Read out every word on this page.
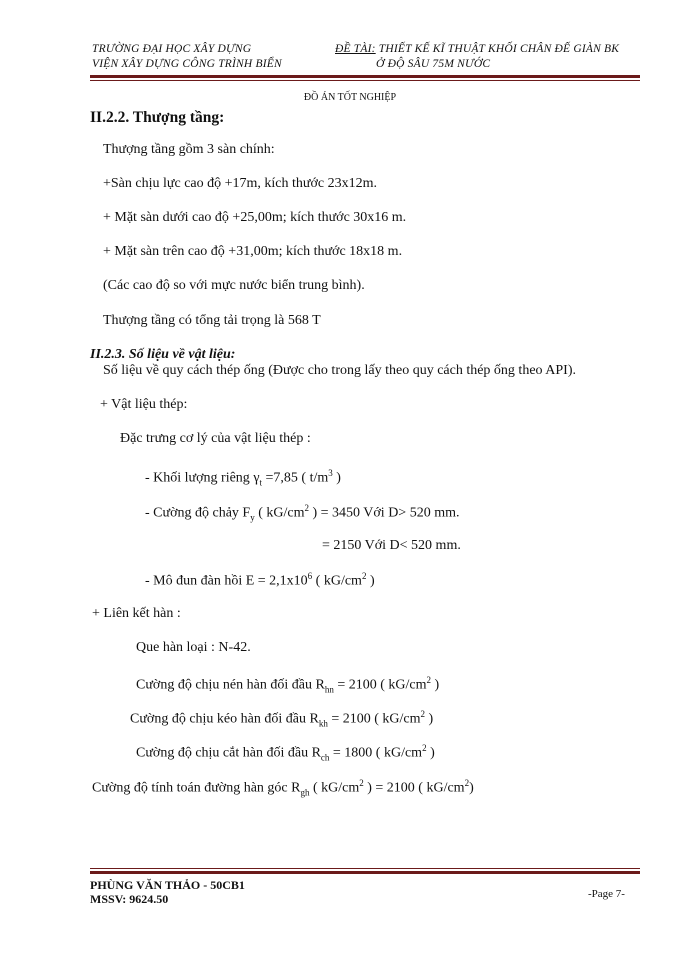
TRƯỜNG ĐẠI HỌC XÂY DỰNG
VIỆN XÂY DỰNG CÔNG TRÌNH BIỂN
ĐỀ TÀI: THIẾT KẾ KĨ THUẬT KHỐI CHÂN ĐẾ GIÀN BK
Ở ĐỘ SÂU 75M NƯỚC
ĐỒ ÁN TỐT NGHIỆP
II.2.2. Thượng tầng:
Thượng tầng gồm 3 sàn chính:
+Sàn chịu lực cao độ +17m, kích thước 23x12m.
+ Mặt sàn dưới cao độ +25,00m; kích thước 30x16 m.
+ Mặt sàn trên cao độ +31,00m; kích thước 18x18 m.
(Các cao độ so với mực nước biển trung bình).
Thượng tầng có tổng tải trọng là 568 T
II.2.3. Số liệu về vật liệu:
Số liệu về quy cách thép ống (Được cho trong lấy theo quy cách thép ống theo API).
+ Vật liệu thép:
Đặc trưng cơ lý của vật liệu thép :
- Khối lượng riêng $\gamma_t =7,85$ ( $t/m^3$ )
- Cường độ chảy $F_y$ ( $kG/cm^2$ ) = 3450 Với D> 520 mm.
= 2150 Với D< 520 mm.
- Mô đun đàn hồi $E = 2,1x10^6$ ( $kG/cm^2$ )
+ Liên kết hàn :
Que hàn loại : N-42.
Cường độ chịu nén hàn đối đầu $R_{hn} = 2100$ ( $kG/cm^2$ )
Cường độ chịu kéo hàn đối đầu $R_{kh} = 2100$ ( $kG/cm^2$ )
Cường độ chịu cắt hàn đối đầu $R_{ch} = 1800$ ( $kG/cm^2$ )
Cường độ tính toán đường hàn góc $R_{gh}$ ( $kG/cm^2$ ) = 2100 ( $kG/cm^2$)
PHÙNG VĂN THẢO - 50CB1
MSSV: 9624.50	-Page 7-
